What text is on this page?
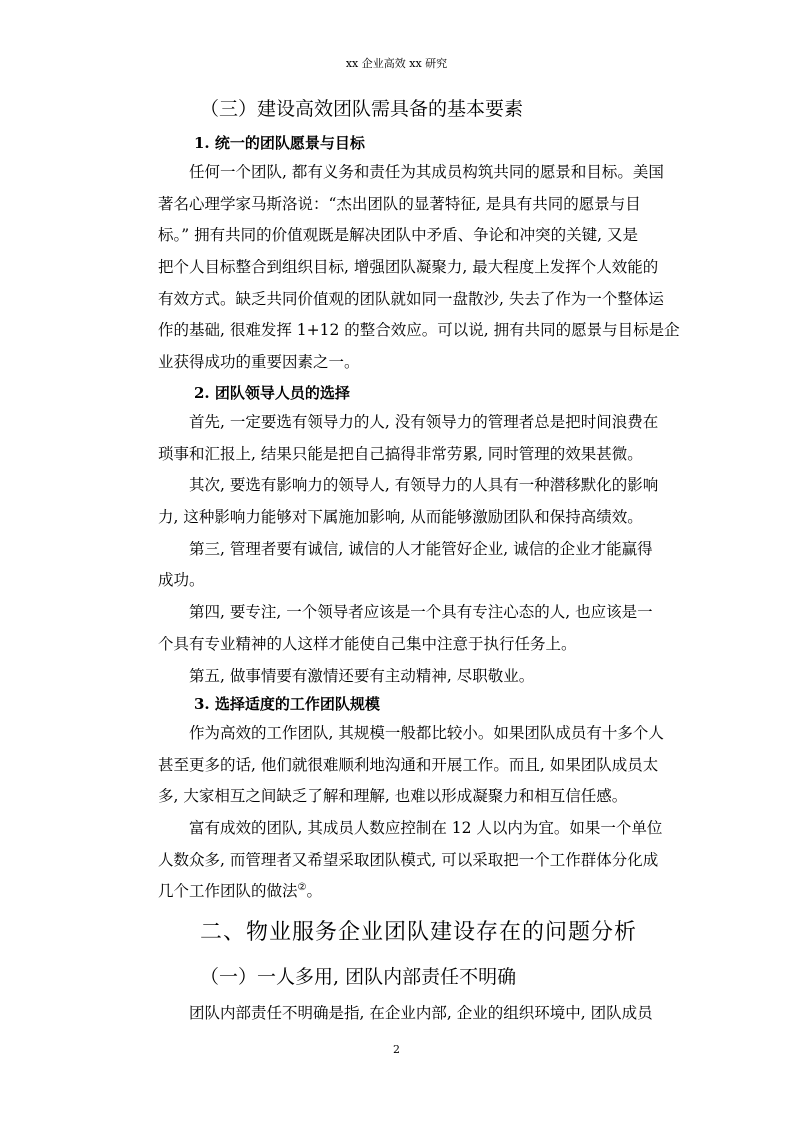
xx 企业高效 xx 研究
（三）建设高效团队需具备的基本要素
1. 统一的团队愿景与目标
任何一个团队, 都有义务和责任为其成员构筑共同的愿景和目标。美国
著名心理学家马斯洛说：“杰出团队的显著特征, 是具有共同的愿景与目
标。” 拥有共同的价值观既是解决团队中矛盾、争论和冲突的关键, 又是
把个人目标整合到组织目标, 增强团队凝聚力, 最大程度上发挥个人效能的
有效方式。缺乏共同价值观的团队就如同一盘散沙, 失去了作为一个整体运
作的基础, 很难发挥 1+12 的整合效应。可以说, 拥有共同的愿景与目标是企
业获得成功的重要因素之一。
2. 团队领导人员的选择
首先, 一定要选有领导力的人, 没有领导力的管理者总是把时间浪费在
琐事和汇报上, 结果只能是把自己搞得非常劳累, 同时管理的效果甚微。
其次, 要选有影响力的领导人, 有领导力的人具有一种潜移默化的影响
力, 这种影响力能够对下属施加影响, 从而能够激励团队和保持高绩效。
第三, 管理者要有诚信, 诚信的人才能管好企业, 诚信的企业才能赢得
成功。
第四, 要专注, 一个领导者应该是一个具有专注心态的人, 也应该是一
个具有专业精神的人这样才能使自己集中注意于执行任务上。
第五, 做事情要有激情还要有主动精神, 尽职敬业。
3. 选择适度的工作团队规模
作为高效的工作团队, 其规模一般都比较小。如果团队成员有十多个人
甚至更多的话, 他们就很难顺利地沟通和开展工作。而且, 如果团队成员太
多, 大家相互之间缺乏了解和理解, 也难以形成凝聚力和相互信任感。
富有成效的团队, 其成员人数应控制在 12 人以内为宜。如果一个单位
人数众多, 而管理者又希望采取团队模式, 可以采取把一个工作群体分化成
几个工作团队的做法②。
二、物业服务企业团队建设存在的问题分析
（一）一人多用, 团队内部责任不明确
团队内部责任不明确是指, 在企业内部, 企业的组织环境中, 团队成员
2
